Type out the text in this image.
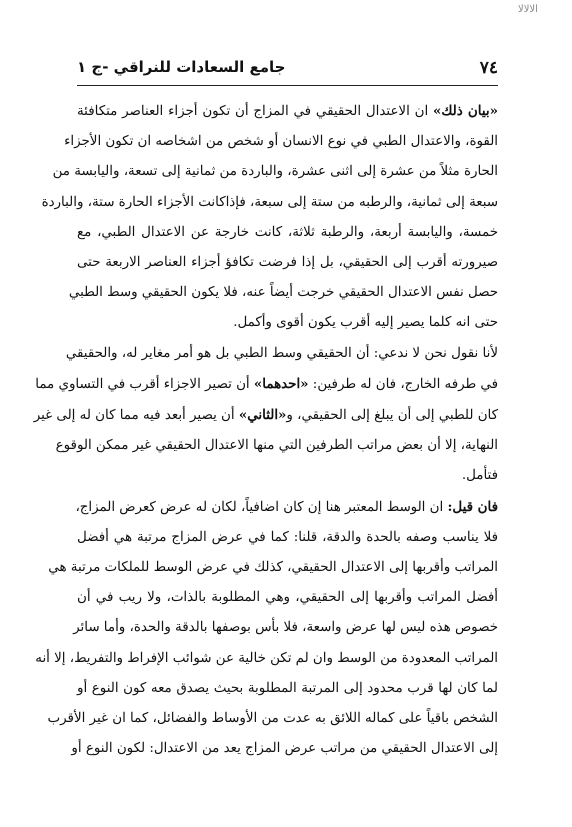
ﺍﻟﺎﻟﺎﻟﺎ
٧٤
جامع السعادات للنراقي -ج ١
«بيان ذلك» ان الاعتدال الحقيقي في المزاج أن تكون أجزاء العناصر متكافئة
القوة، والاعتدال الطبي في نوع الانسان أو شخص من اشخاصه ان تكون الأجزاء
الحارة مثلاً من عشرة إلى اثنى عشرة، والباردة من ثمانية إلى تسعة، واليابسة من
سبعة إلى ثمانية، والرطبه من ستة إلى سبعة، فإذاكانت الأجزاء الحارة ستة، والباردة
خمسة، واليابسة أربعة، والرطبة ثلاثة، كانت خارجة عن الاعتدال الطبي، مع
صيرورته أقرب إلى الحقيقي، بل إذا فرضت تكافؤ أجزاء العناصر الاربعة حتى
حصل نفس الاعتدال الحقيقي خرجت أيضاً عنه، فلا يكون الحقيقي وسط الطبي
حتى انه كلما يصير إليه أقرب يكون أقوى وأكمل.
لأنا نقول نحن لا ندعي: أن الحقيقي وسط الطبي بل هو أمر مغاير له، والحقيقي
في طرفه الخارج، فان له طرفين: «احدهما» أن تصير الاجزاء أقرب في التساوي مما
كان للطبي إلى أن يبلغ إلى الحقيقي، و«الثاني» أن يصير أبعد فيه مما كان له إلى غير
النهاية، إلا أن بعض مراتب الطرفين التي منها الاعتدال الحقيقي غير ممكن الوقوع
فتأمل.
فان قيل: ان الوسط المعتبر هنا إن كان اضافياً، لكان له عرض كعرض المزاج،
فلا يناسب وصفه بالحدة والدقة، قلنا: كما في عرض المزاج مرتبة هي أفضل
المراتب وأقربها إلى الاعتدال الحقيقي، كذلك في عرض الوسط للملكات مرتبة هي
أفضل المراتب وأقربها إلى الحقيقي، وهي المطلوبة بالذات، ولا ريب في أن
خصوص هذه ليس لها عرض واسعة، فلا بأس بوصفها بالدقة والحدة، وأما سائر
المراتب المعدودة من الوسط وان لم تكن خالية عن شوائب الإفراط والتفريط، إلا أنه
لما كان لها قرب محدود إلى المرتبة المطلوبة بحيث يصدق معه كون النوع أو
الشخص باقياً على كماله اللائق به عدت من الأوساط والفضائل، كما ان غير الأقرب
إلى الاعتدال الحقيقي من مراتب عرض المزاج يعد من الاعتدال: لكون النوع أو
